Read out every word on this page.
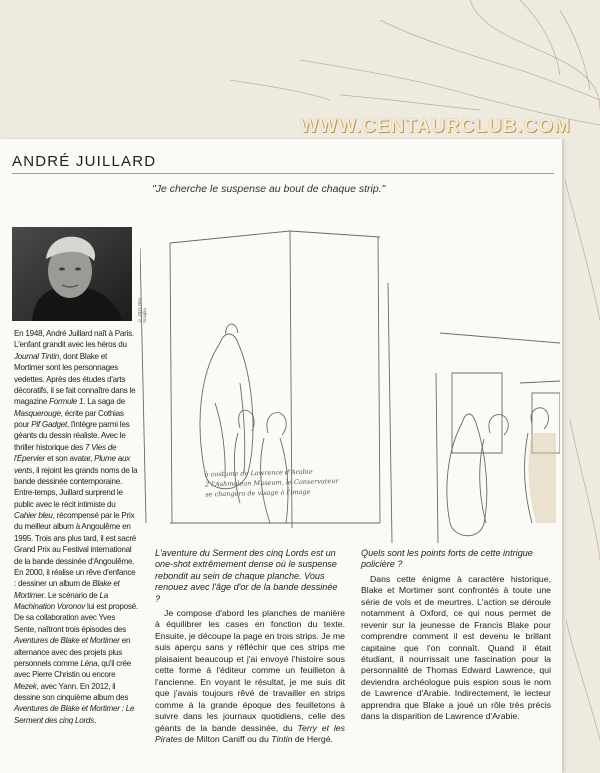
WWW.CENTAURCLUB.COM
ANDRÉ JUILLARD
"Je cherche le suspense au bout de chaque strip."
© 2011 Rita Scaglia
En 1948, André Juillard naît à Paris. L'enfant grandit avec les héros du Journal Tintin, dont Blake et Mortimer sont les personnages vedettes. Après des études d'arts décoratifs, il se fait connaître dans le magazine Formule 1. La saga de Masquerouge, écrite par Cothias pour Pif Gadget, l'intègre parmi les géants du dessin réaliste. Avec le thriller historique des 7 Vies de l'Épervier et son avatar, Plume aux vents, il rejoint les grands noms de la bande dessinée contemporaine. Entre-temps, Juillard surprend le public avec le récit intimiste du Cahier bleu, récompensé par le Prix du meilleur album à Angoulême en 1995. Trois ans plus tard, il est sacré Grand Prix au Festival international de la bande dessinée d'Angoulême. En 2000, il réalise un rêve d'enfance : dessiner un album de Blake et Mortimer. Le scénario de La Machination Voronov lui est proposé. De sa collaboration avec Yves Sente, naîtront trois épisodes des Aventures de Blake et Mortimer en alternance avec des projets plus personnels comme Léna, qu'il crée avec Pierre Christin ou encore Mezek, avec Yann. En 2012, il dessine son cinquième album des Aventures de Blake et Mortimer : Le Serment des cinq Lords.
à costume de Lawrence d'Arabie
2 l'Ashmolean Museum, le Conservateur
se changera de visage à l'image
L'aventure du Serment des cinq Lords est un one-shot extrêmement dense où le suspense rebondit au sein de chaque planche. Vous renouez avec l'âge d'or de la bande dessinée ?

Je compose d'abord les planches de manière à équilibrer les cases en fonction du texte. Ensuite, je découpe la page en trois strips. Je me suis aperçu sans y réfléchir que ces strips me plaisaient beaucoup et j'ai envoyé l'histoire sous cette forme à l'éditeur comme un feuilleton à l'ancienne. En voyant le résultat, je me suis dit que j'avais toujours rêvé de travailler en strips comme à la grande époque des feuilletons à suivre dans les journaux quotidiens, celle des géants de la bande dessinée, du Terry et les Pirates de Milton Caniff ou du Tintin de Hergé.

Quels sont les points forts de cette intrigue policière ?

Dans cette énigme à caractère historique, Blake et Mortimer sont confrontés à toute une série de vols et de meurtres. L'action se déroule notamment à Oxford, ce qui nous permet de revenir sur la jeunesse de Francis Blake pour comprendre comment il est devenu le brillant capitaine que l'on connaît. Quand il était étudiant, il nourrissait une fascination pour la personnalité de Thomas Edward Lawrence, qui deviendra archéologue puis espion sous le nom de Lawrence d'Arabie. Indirectement, le lecteur apprendra que Blake a joué un rôle très précis dans la disparition de Lawrence d'Arabie.
